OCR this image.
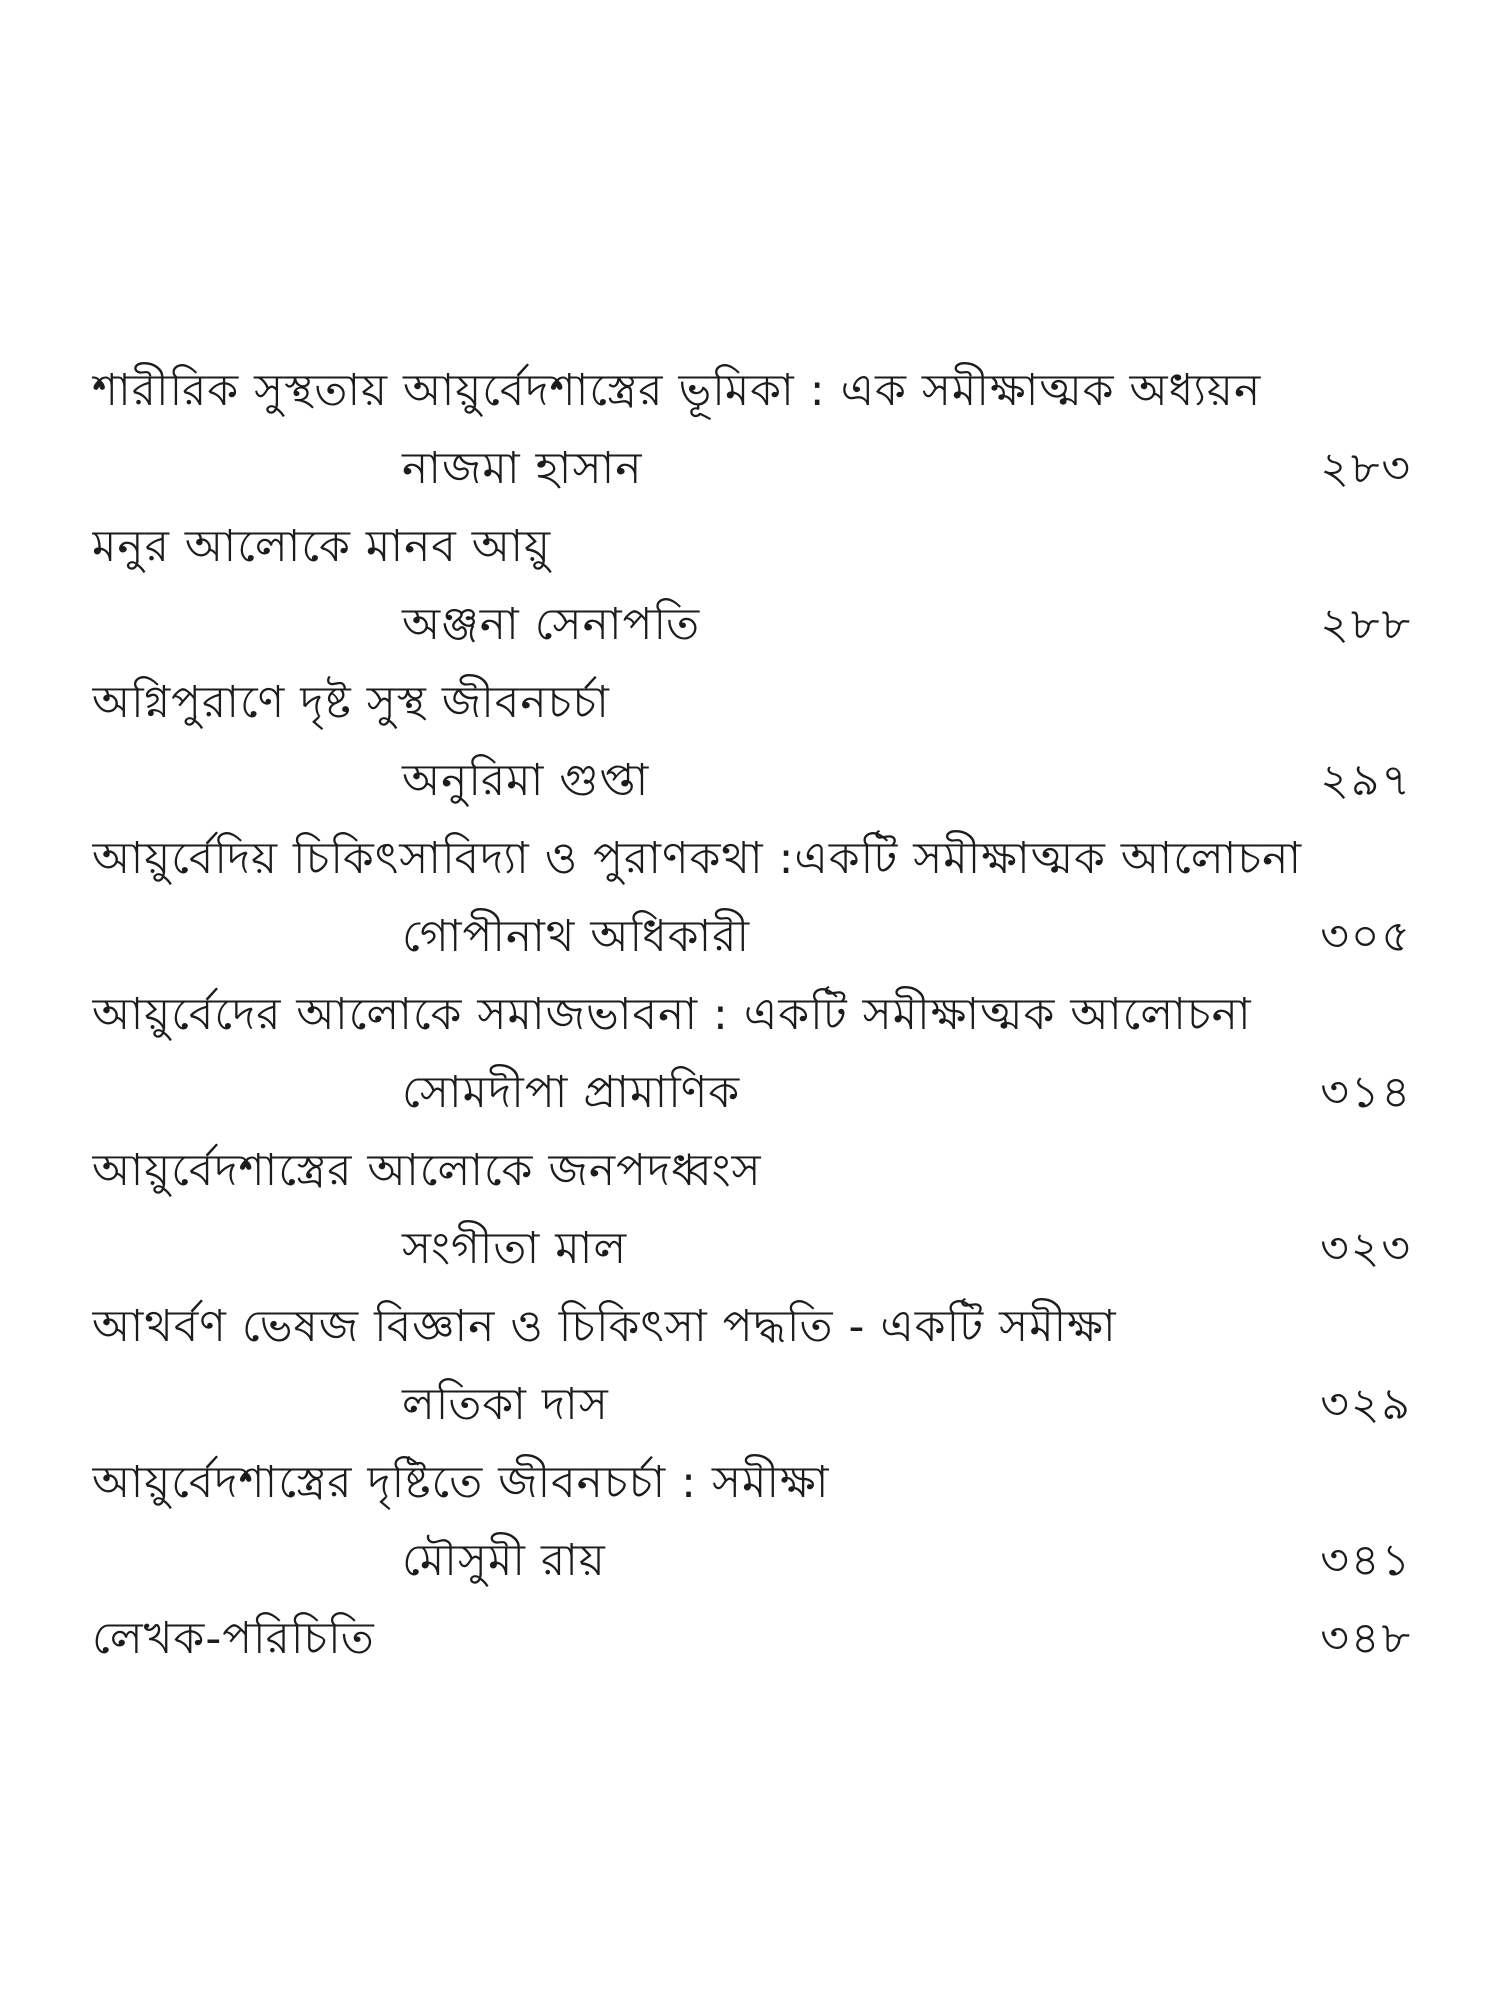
শারীরিক সুস্থতায় আয়ুর্বেদশাস্ত্রের ভূমিকা : এক সমীক্ষাত্মক অধ্যয়ন
নাজমা হাসান	২৮৩
মনুর আলোকে মানব আয়ু
অঞ্জনা সেনাপতি	২৮৮
অগ্নিপুরাণে দৃষ্ট সুস্থ জীবনচর্চা
অনুরিমা গুপ্তা	২৯৭
আয়ুর্বেদিয় চিকিৎসাবিদ্যা ও পুরাণকথা :একটি সমীক্ষাত্মক আলোচনা
গোপীনাথ অধিকারী	৩০৫
আয়ুর্বেদের আলোকে সমাজভাবনা : একটি সমীক্ষাত্মক আলোচনা
সোমদীপা প্রামাণিক	৩১৪
আয়ুর্বেদশাস্ত্রের আলোকে জনপদধ্বংস
সংগীতা মাল	৩২৩
আথর্বণ ভেষজ বিজ্ঞান ও চিকিৎসা পদ্ধতি - একটি সমীক্ষা
লতিকা দাস	৩২৯
আয়ুর্বেদশাস্ত্রের দৃষ্টিতে জীবনচর্চা : সমীক্ষা
মৌসুমী রায়	৩৪১
লেখক-পরিচিতি	৩৪৮
